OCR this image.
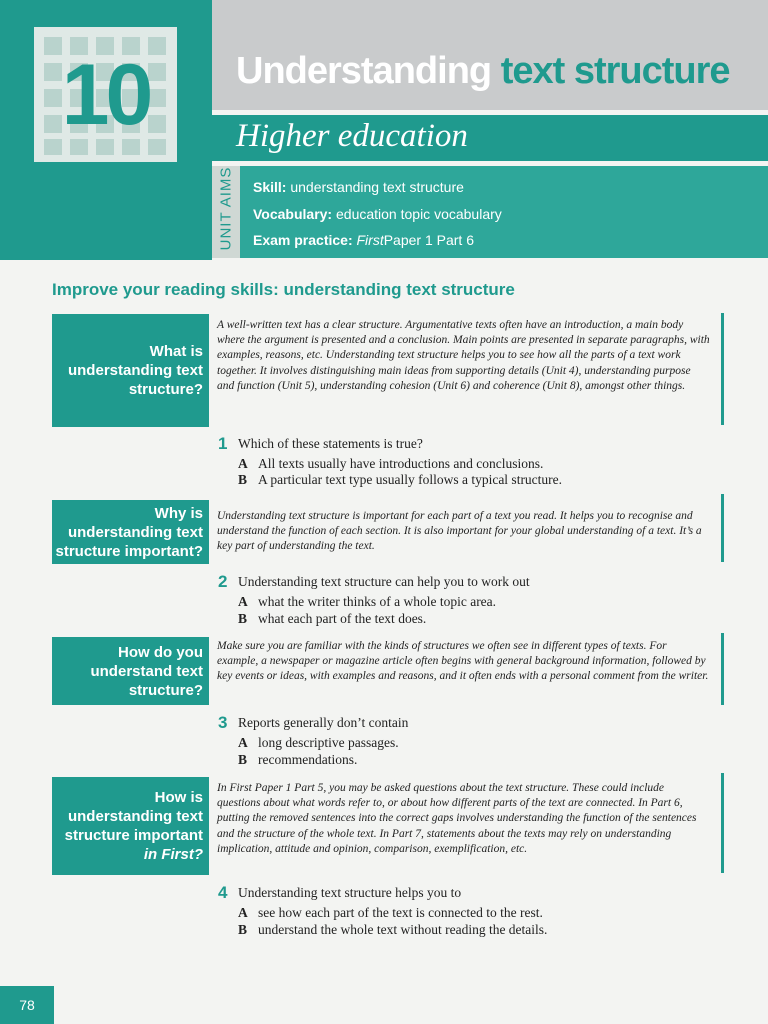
10	Understanding text structure
Higher education
UNIT AIMS Skill: understanding text structure
Vocabulary: education topic vocabulary
Exam practice: FirstPaper 1 Part 6
Improve your reading skills: understanding text structure
What is
understanding text
structure?
A well-written text has a clear structure. Argumentative texts often have an introduction, a main body where the argument is presented and a conclusion. Main points are presented in separate paragraphs, with examples, reasons, etc. Understanding text structure helps you to see how all the parts of a text work together. It involves distinguishing main ideas from supporting details (Unit 4), understanding purpose and function (Unit 5), understanding cohesion (Unit 6) and coherence (Unit 8), amongst other things.
1 Which of these statements is true?
A All texts usually have introductions and conclusions.
B A particular text type usually follows a typical structure.
Why is
understanding text
structure important?
Understanding text structure is important for each part of a text you read. It helps you to recognise and understand the function of each section. It is also important for your global understanding of a text. It’s a key part of understanding the text.
2 Understanding text structure can help you to work out
A what the writer thinks of a whole topic area.
B what each part of the text does.
How do you
understand text
structure?
Make sure you are familiar with the kinds of structures we often see in different types of texts. For example, a newspaper or magazine article often begins with general background information, followed by key events or ideas, with examples and reasons, and it often ends with a personal comment from the writer.
3 Reports generally don’t contain
A long descriptive passages.
B recommendations.
How is
understanding text
structure important
in First?
In First Paper 1 Part 5, you may be asked questions about the text structure. These could include questions about what words refer to, or about how different parts of the text are connected. In Part 6, putting the removed sentences into the correct gaps involves understanding the function of the sentences and the structure of the whole text. In Part 7, statements about the texts may rely on understanding implication, attitude and opinion, comparison, exemplification, etc.
4 Understanding text structure helps you to
A see how each part of the text is connected to the rest.
B understand the whole text without reading the details.
78
